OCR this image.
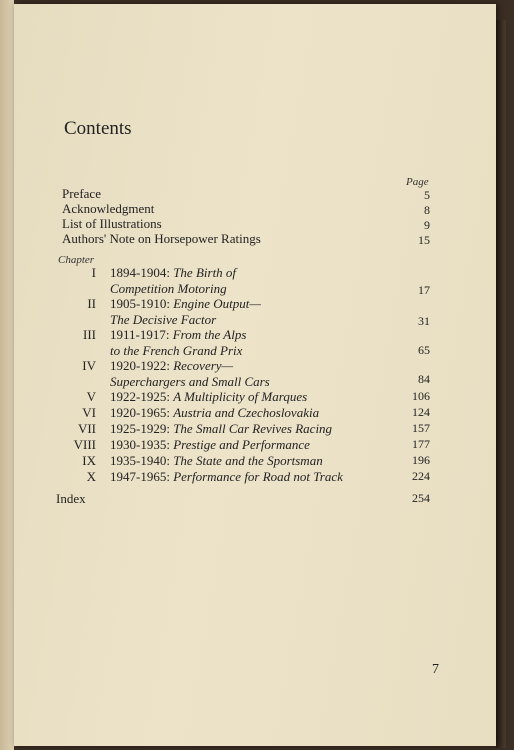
Contents
Page
Preface	5
Acknowledgment	8
List of Illustrations	9
Authors' Note on Horsepower Ratings	15
Chapter
I 1894-1904: The Birth of
Competition Motoring	17
II 1905-1910: Engine Output—
The Decisive Factor	31
III 1911-1917: From the Alps
to the French Grand Prix	65
IV 1920-1922: Recovery—
Superchargers and Small Cars	84
V 1922-1925: A Multiplicity of Marques	106
VI 1920-1965: Austria and Czechoslovakia	124
VII 1925-1929: The Small Car Revives Racing	157
VIII 1930-1935: Prestige and Performance	177
IX 1935-1940: The State and the Sportsman	196
X 1947-1965: Performance for Road not Track	224
Index	254
7
